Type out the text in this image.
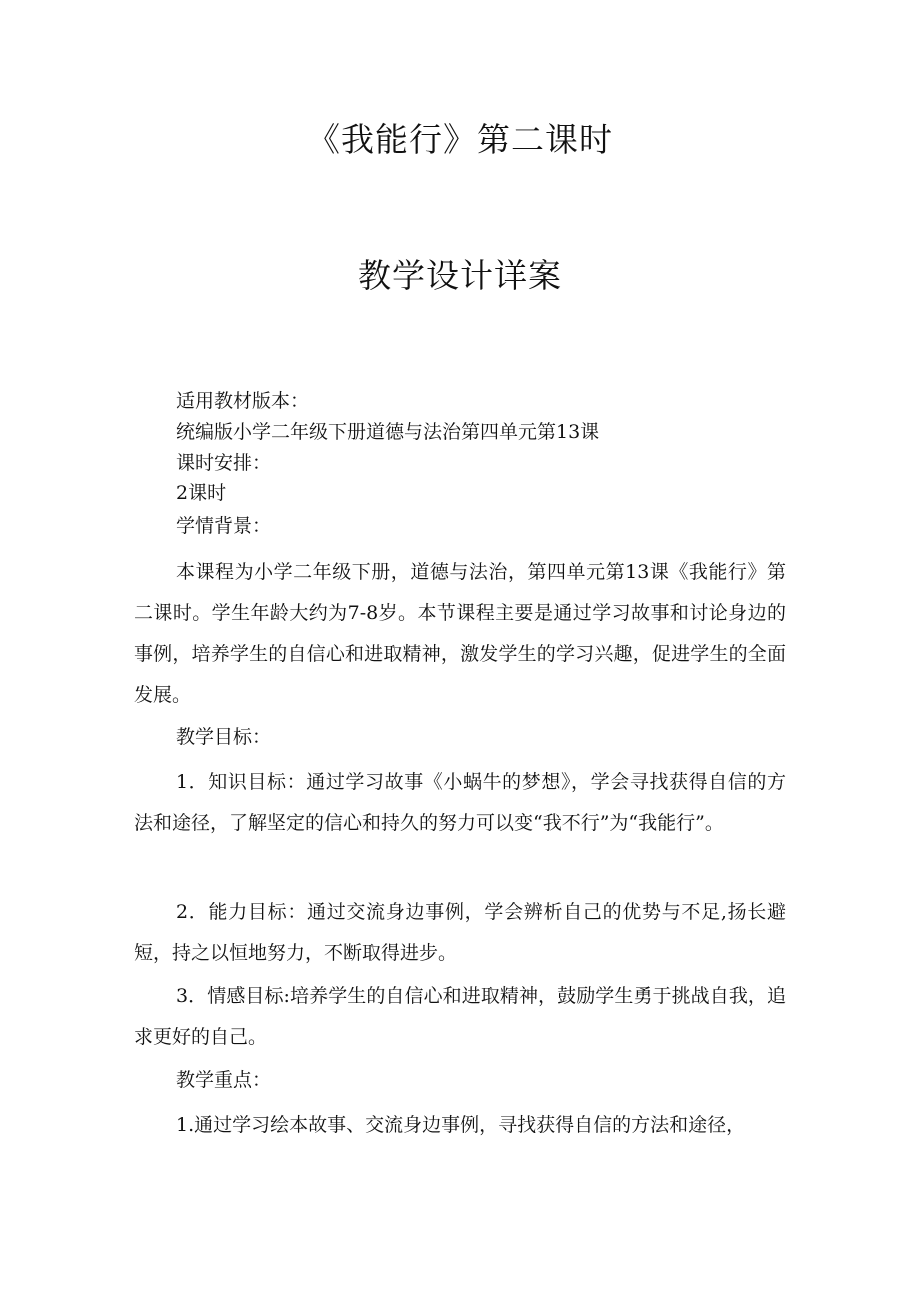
《我能行》第二课时
教学设计详案

适用教材版本：

统编版小学二年级下册道德与法治第四单元第13课

课时安排：

2课时

学情背景：

本课程为小学二年级下册，道德与法治，第四单元第13课《我能行》第二课时。学生年龄大约为7-8岁。本节课程主要是通过学习故事和讨论身边的事例，培养学生的自信心和进取精神，激发学生的学习兴趣，促进学生的全面发展。

教学目标：

1．知识目标：通过学习故事《小蜗牛的梦想》，学会寻找获得自信的方法和途径，了解坚定的信心和持久的努力可以变“我不行”为“我能行”。

2．能力目标：通过交流身边事例，学会辨析自己的优势与不足,扬长避短，持之以恒地努力，不断取得进步。

3．情感目标:培养学生的自信心和进取精神，鼓励学生勇于挑战自我，追求更好的自己。

教学重点：

1.通过学习绘本故事、交流身边事例，寻找获得自信的方法和途径，
